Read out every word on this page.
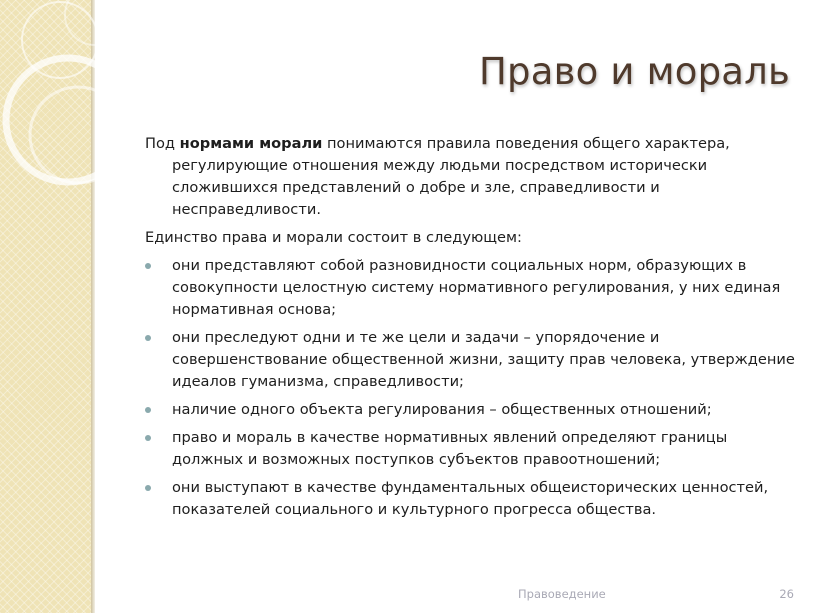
Право и мораль

Под нормами морали понимаются правила поведения общего характера, регулирующие отношения между людьми посредством исторически сложившихся представлений о добре и зле, справедливости и несправедливости.

Единство права и морали состоит в следующем:

они представляют собой разновидности социальных норм, образующих в совокупности целостную систему нормативного регулирования, у них единая нормативная основа;
они преследуют одни и те же цели и задачи – упорядочение и совершенствование общественной жизни, защиту прав человека, утверждение идеалов гуманизма, справедливости;
наличие одного объекта регулирования – общественных отношений;
право и мораль в качестве нормативных явлений определяют границы должных и возможных поступков субъектов правоотношений;
они выступают в качестве фундаментальных общеисторических ценностей, показателей социального и культурного прогресса общества.
Правоведение	26
